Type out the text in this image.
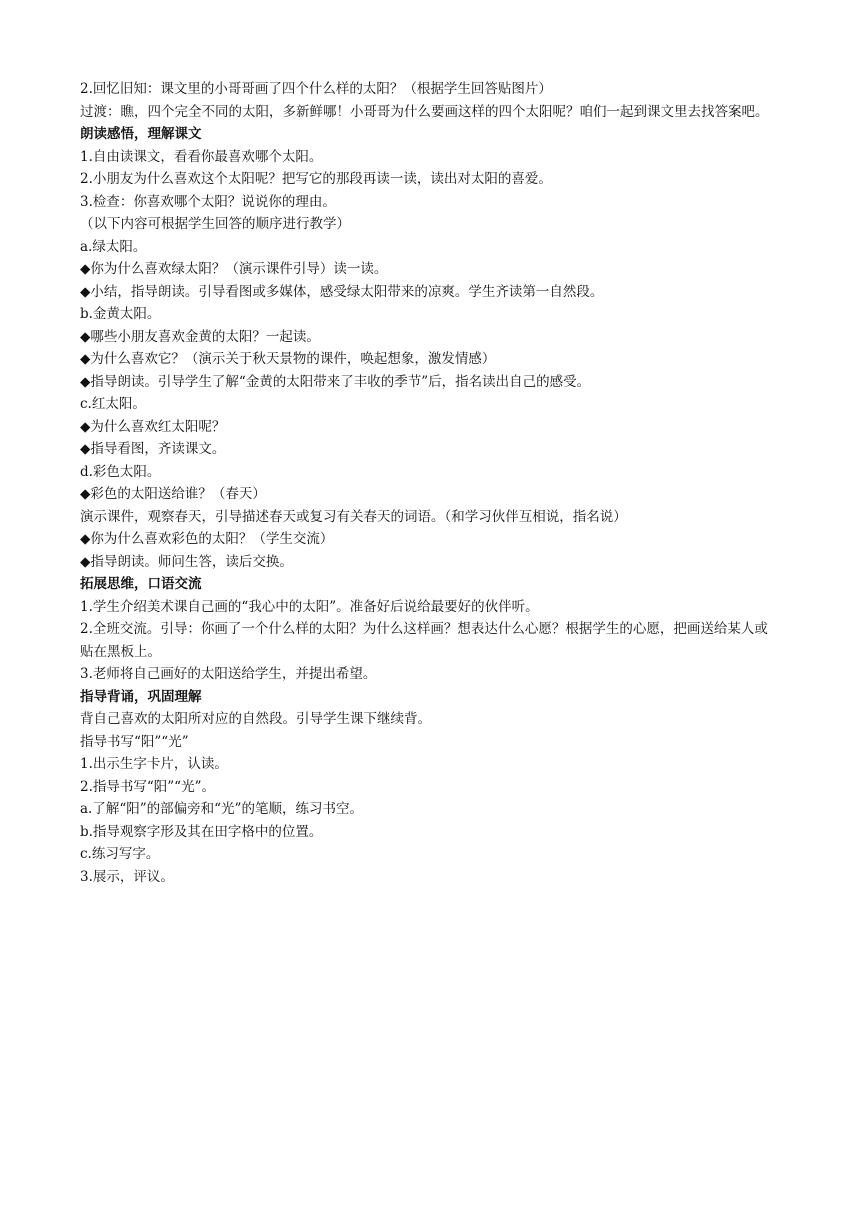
2.回忆旧知：课文里的小哥哥画了四个什么样的太阳？（根据学生回答贴图片）

过渡：瞧，四个完全不同的太阳，多新鲜哪！小哥哥为什么要画这样的四个太阳呢？咱们一起到课文里去找答案吧。

朗读感悟，理解课文

1.自由读课文，看看你最喜欢哪个太阳。

2.小朋友为什么喜欢这个太阳呢？把写它的那段再读一读，读出对太阳的喜爱。

3.检查：你喜欢哪个太阳？说说你的理由。

（以下内容可根据学生回答的顺序进行教学）

a.绿太阳。

◆你为什么喜欢绿太阳？（演示课件引导）读一读。

◆小结，指导朗读。引导看图或多媒体，感受绿太阳带来的凉爽。学生齐读第一自然段。

b.金黄太阳。

◆哪些小朋友喜欢金黄的太阳？一起读。

◆为什么喜欢它？（演示关于秋天景物的课件，唤起想象，激发情感）

◆指导朗读。引导学生了解“金黄的太阳带来了丰收的季节”后，指名读出自己的感受。

c.红太阳。

◆为什么喜欢红太阳呢？

◆指导看图，齐读课文。

d.彩色太阳。

◆彩色的太阳送给谁？（春天）

演示课件，观察春天，引导描述春天或复习有关春天的词语。（和学习伙伴互相说，指名说）

◆你为什么喜欢彩色的太阳？（学生交流）

◆指导朗读。师问生答，读后交换。

拓展思维，口语交流

1.学生介绍美术课自己画的“我心中的太阳”。准备好后说给最要好的伙伴听。

2.全班交流。引导：你画了一个什么样的太阳？为什么这样画？想表达什么心愿？根据学生的心愿，把画送给某人或贴在黑板上。

3.老师将自己画好的太阳送给学生，并提出希望。

指导背诵，巩固理解

背自己喜欢的太阳所对应的自然段。引导学生课下继续背。

指导书写“阳”“光”

1.出示生字卡片，认读。

2.指导书写“阳”“光”。

a.了解“阳”的部偏旁和“光”的笔顺，练习书空。

b.指导观察字形及其在田字格中的位置。

c.练习写字。

3.展示，评议。
